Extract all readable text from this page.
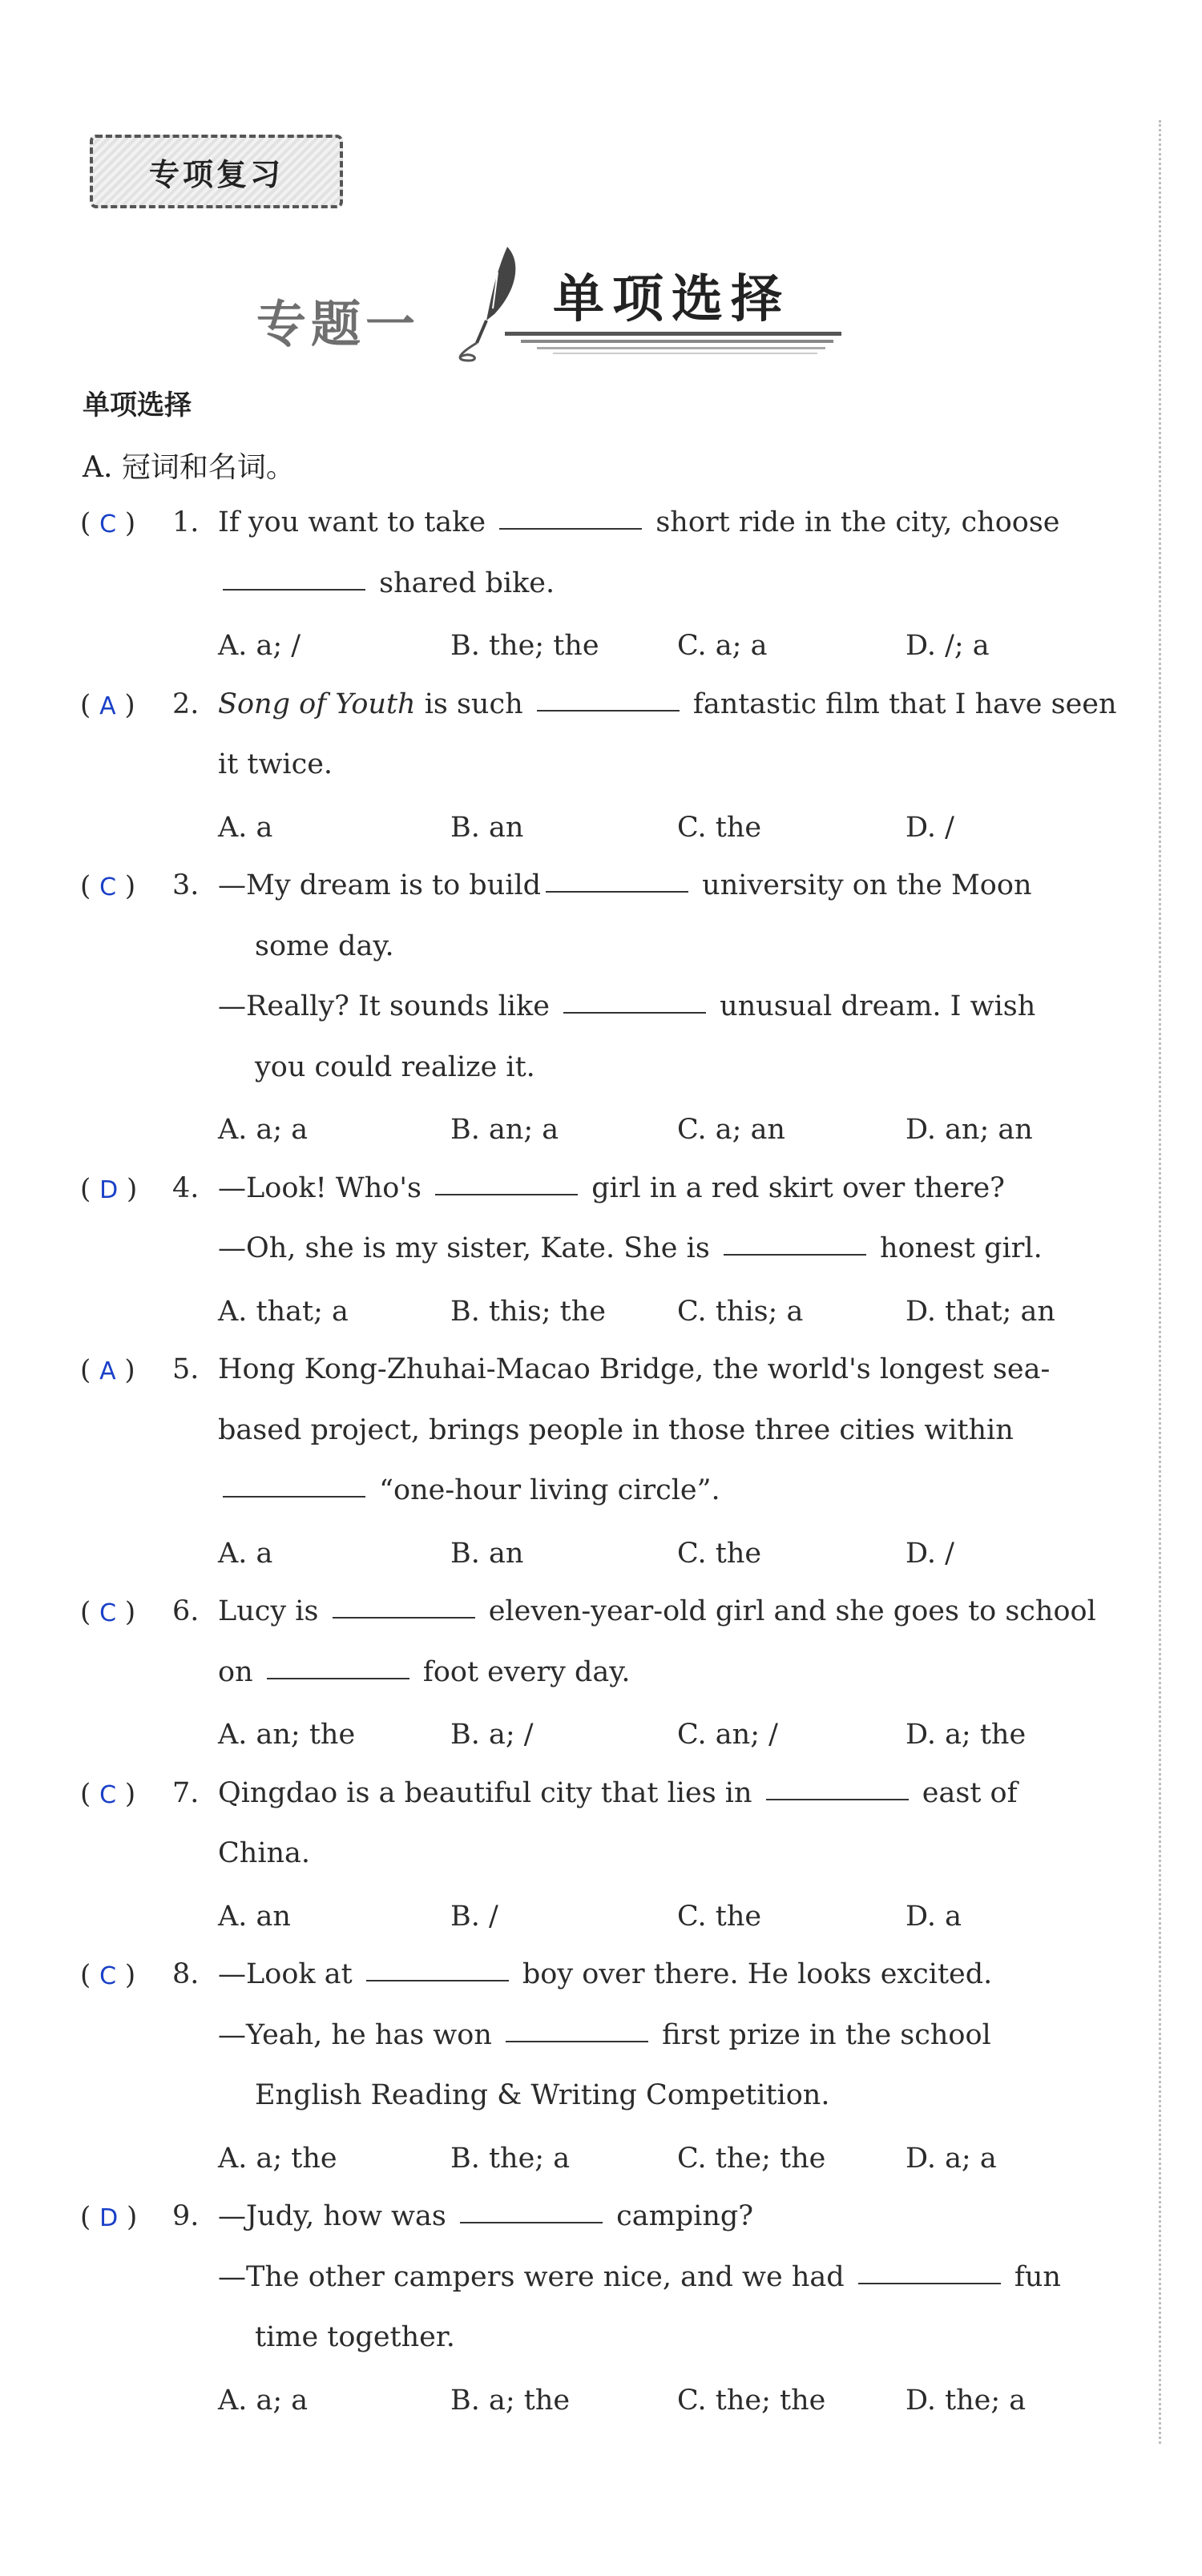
专项复习
专题一	单项选择
单项选择
A. 冠词和名词。
( C ) 1. If you want to take	short ride in the city, choose
shared bike.
A. a; /	B. the; the	C. a; a	D. /; a
( A ) 2. Song of Youth is such	fantastic film that I have seen
it twice.
A. a	B. an	C. the	D. /
( C ) 3. —My dream is to build	university on the Moon
some day.
—Really? It sounds like	unusual dream. I wish
you could realize it.
A. a; a	B. an; a	C. a; an	D. an; an
( D ) 4. —Look! Who's	girl in a red skirt over there?
—Oh, she is my sister, Kate. She is	honest girl.
A. that; a	B. this; the	C. this; a	D. that; an
( A ) 5. Hong Kong-Zhuhai-Macao Bridge, the world's longest sea-
based project, brings people in those three cities within
“one-hour living circle”.
A. a	B. an	C. the	D. /
( C ) 6. Lucy is	eleven-year-old girl and she goes to school
on	foot every day.
A. an; the	B. a; /	C. an; /	D. a; the
( C ) 7. Qingdao is a beautiful city that lies in	east of
China.
A. an	B. /	C. the	D. a
( C ) 8. —Look at	boy over there. He looks excited.
—Yeah, he has won	first prize in the school
English Reading & Writing Competition.
A. a; the	B. the; a	C. the; the	D. a; a
( D ) 9. —Judy, how was	camping?
—The other campers were nice, and we had	fun
time together.
A. a; a	B. a; the	C. the; the	D. the; a
